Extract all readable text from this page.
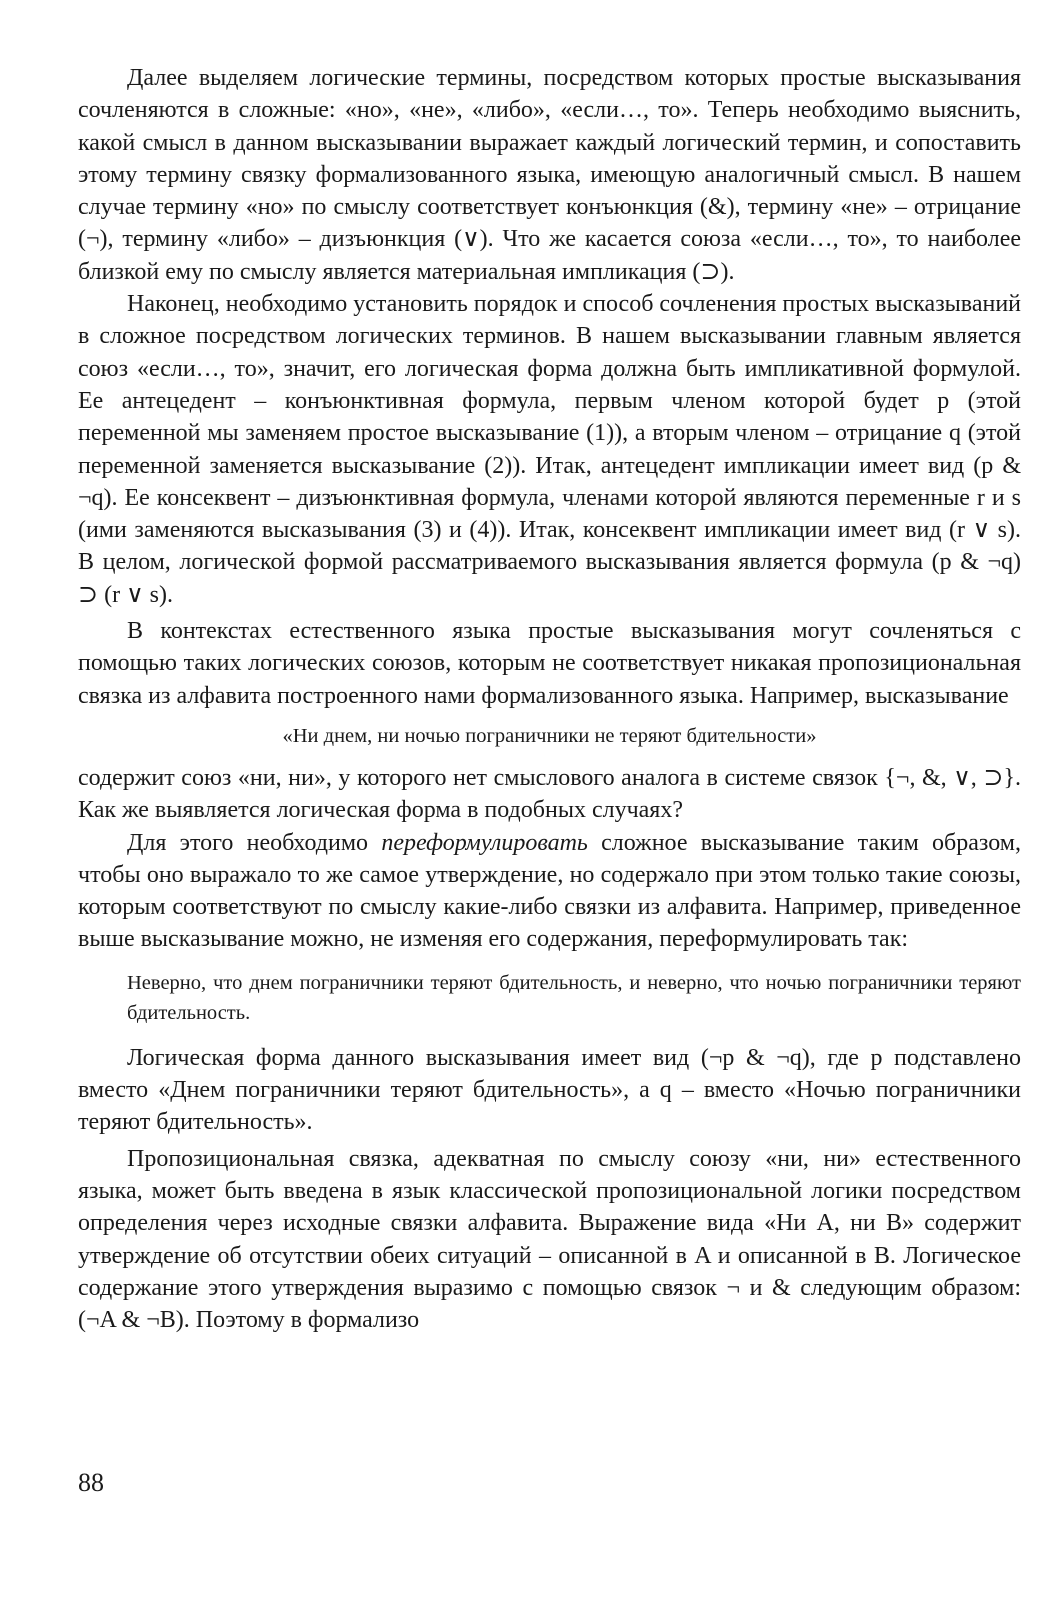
Далее выделяем логические термины, посредством которых простые высказывания сочленяются в сложные: «но», «не», «либо», «если…, то». Теперь необходимо выяснить, какой смысл в данном высказывании выражает каждый логический термин, и сопоставить этому термину связку формализованного языка, имеющую аналогичный смысл. В нашем случае термину «но» по смыслу соответствует конъюнкция (&), термину «не» – отрицание (¬), термину «либо» – дизъюнкция (∨). Что же касается союза «если…, то», то наиболее близкой ему по смыслу является материальная импликация (⊃).

Наконец, необходимо установить порядок и способ сочленения простых высказываний в сложное посредством логических терминов. В нашем высказывании главным является союз «если…, то», значит, его логическая форма должна быть импликативной формулой. Ее антецедент – конъюнктивная формула, первым членом которой будет p (этой переменной мы заменяем простое высказывание (1)), а вторым членом – отрицание q (этой переменной заменяется высказывание (2)). Итак, антецедент импликации имеет вид (p & ¬q). Ее консеквент – дизъюнктивная формула, членами которой являются переменные r и s (ими заменяются высказывания (3) и (4)). Итак, консеквент импликации имеет вид (r ∨ s). В целом, логической формой рассматриваемого высказывания является формула (p & ¬q) ⊃ (r ∨ s).

В контекстах естественного языка простые высказывания могут сочленяться с помощью таких логических союзов, которым не соответствует никакая пропозициональная связка из алфавита построенного нами формализованного языка. Например, высказывание

«Ни днем, ни ночью пограничники не теряют бдительности»

содержит союз «ни, ни», у которого нет смыслового аналога в системе связок {¬, &, ∨, ⊃}. Как же выявляется логическая форма в подобных случаях?

Для этого необходимо переформулировать сложное высказывание таким образом, чтобы оно выражало то же самое утверждение, но содержало при этом только такие союзы, которым соответствуют по смыслу какие-либо связки из алфавита. Например, приведенное выше высказывание можно, не изменяя его содержания, переформулировать так:

Неверно, что днем пограничники теряют бдительность, и неверно, что ночью пограничники теряют бдительность.

Логическая форма данного высказывания имеет вид (¬p & ¬q), где p подставлено вместо «Днем пограничники теряют бдительность», а q – вместо «Ночью пограничники теряют бдительность».

Пропозициональная связка, адекватная по смыслу союзу «ни, ни» естественного языка, может быть введена в язык классической пропозициональной логики посредством определения через исходные связки алфавита. Выражение вида «Ни A, ни B» содержит утверждение об отсутствии обеих ситуаций – описанной в A и описанной в B. Логическое содержание этого утверждения выразимо с помощью связок ¬ и & следующим образом: (¬A & ¬B). Поэтому в формализо

88
